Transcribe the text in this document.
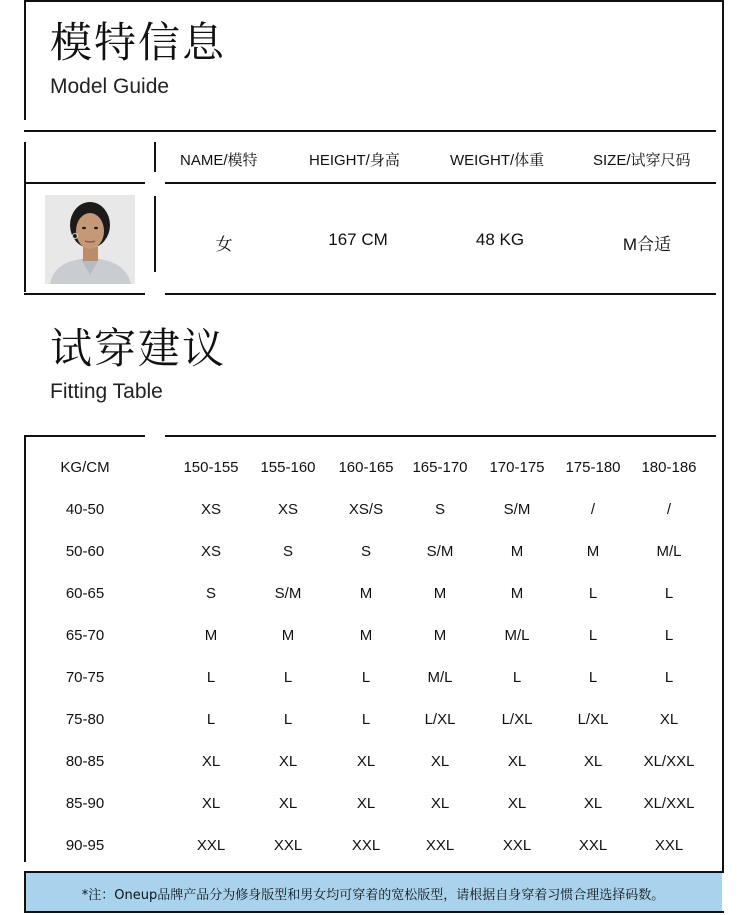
模特信息
Model Guide
NAME/模特	HEIGHT/身高	WEIGHT/体重	SIZE/试穿尺码
女	167 CM	48 KG	M合适
试穿建议
Fitting Table
KG/CM	150-155	155-160	160-165	165-170	170-175	175-180	180-186
40-50	XS	XS	XS/S	S	S/M	/	/
50-60	XS	S	S	S/M	M	M	M/L
60-65	S	S/M	M	M	M	L	L
65-70	M	M	M	M	M/L	L	L
70-75	L	L	L	M/L	L	L	L
75-80	L	L	L	L/XL	L/XL	L/XL	XL
80-85	XL	XL	XL	XL	XL	XL	XL/XXL
85-90	XL	XL	XL	XL	XL	XL	XL/XXL
90-95	XXL	XXL	XXL	XXL	XXL	XXL	XXL
*注：Oneup品牌产品分为修身版型和男女均可穿着的宽松版型，请根据自身穿着习惯合理选择码数。
